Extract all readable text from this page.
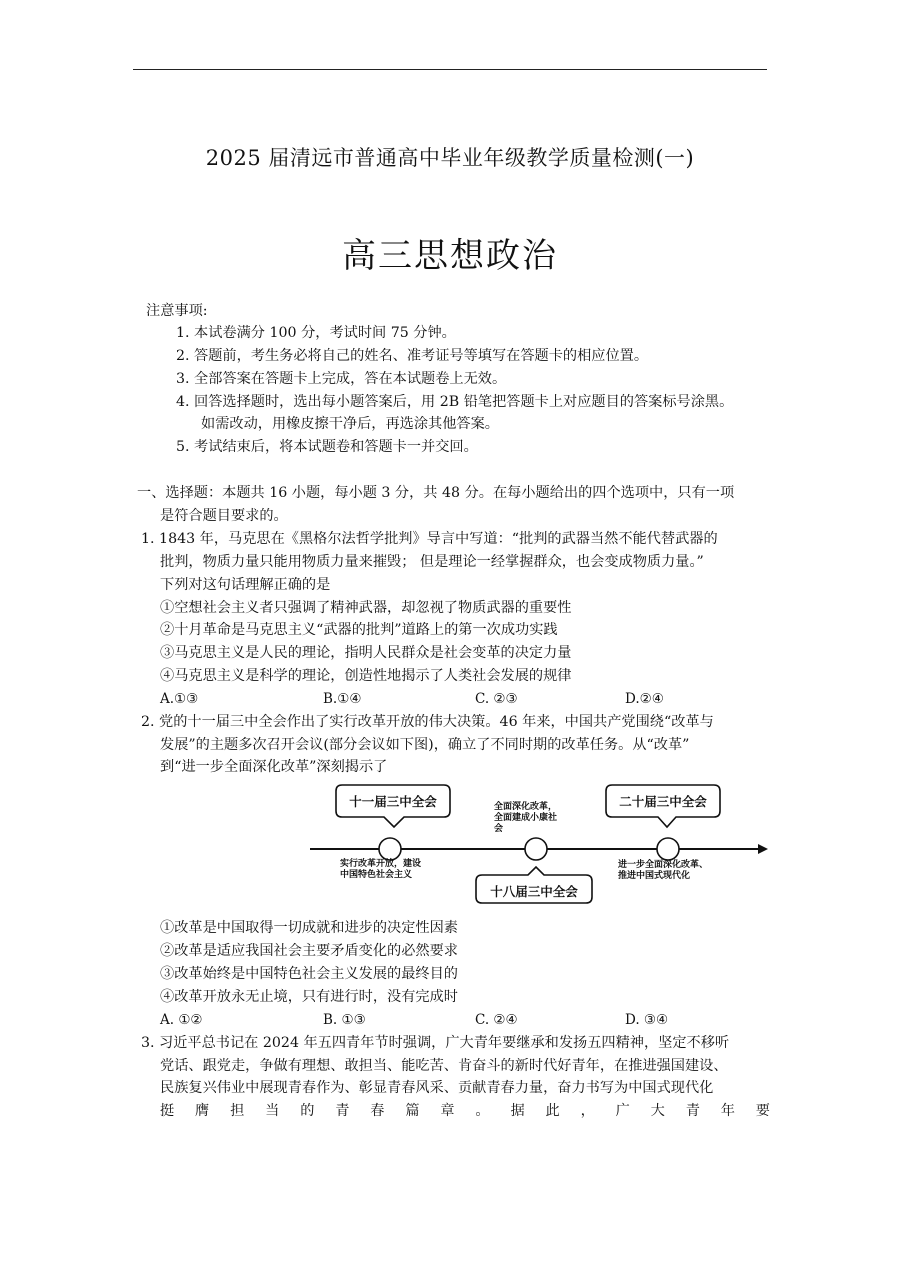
2025 届清远市普通高中毕业年级教学质量检测(一)
高三思想政治
注意事项:
1. 本试卷满分 100 分，考试时间 75 分钟。
2. 答题前，考生务必将自己的姓名、准考证号等填写在答题卡的相应位置。
3. 全部答案在答题卡上完成，答在本试题卷上无效。
4. 回答选择题时，选出每小题答案后，用 2B 铅笔把答题卡上对应题目的答案标号涂黑。
如需改动，用橡皮擦干净后，再选涂其他答案。
5. 考试结束后，将本试题卷和答题卡一并交回。
一、选择题：本题共 16 小题，每小题 3 分，共 48 分。在每小题给出的四个选项中，只有一项
是符合题目要求的。
1. 1843 年，马克思在《黑格尔法哲学批判》导言中写道：“批判的武器当然不能代替武器的
批判，物质力量只能用物质力量来摧毁； 但是理论一经掌握群众，也会变成物质力量。”
下列对这句话理解正确的是
①空想社会主义者只强调了精神武器，却忽视了物质武器的重要性
②十月革命是马克思主义“武器的批判”道路上的第一次成功实践
③马克思主义是人民的理论，指明人民群众是社会变革的决定力量
④马克思主义是科学的理论，创造性地揭示了人类社会发展的规律
A.①③	B.①④	C. ②③	D.②④
2. 党的十一届三中全会作出了实行改革开放的伟大决策。46 年来，中国共产党围绕“改革与
发展”的主题多次召开会议(部分会议如下图)，确立了不同时期的改革任务。从“改革”
到“进一步全面深化改革”深刻揭示了
十一届三中全会
十八届三中全会
二十届三中全会
实行改革开放，建设
中国特色社会主义
全面深化改革，
全面建成小康社
会
进一步全面深化改革、
推进中国式现代化
①改革是中国取得一切成就和进步的决定性因素
②改革是适应我国社会主要矛盾变化的必然要求
③改革始终是中国特色社会主义发展的最终目的
④改革开放永无止境，只有进行时，没有完成时
A. ①②	B. ①③	C. ②④	D. ③④
3. 习近平总书记在 2024 年五四青年节时强调，广大青年要继承和发扬五四精神，坚定不移听
党话、跟党走，争做有理想、敢担当、能吃苦、肯奋斗的新时代好青年，在推进强国建设、
民族复兴伟业中展现青春作为、彰显青春风采、贡献青春力量，奋力书写为中国式现代化
挺 膺 担 当 的 青 春 篇 章 。 据 此 ， 广 大 青 年 要
